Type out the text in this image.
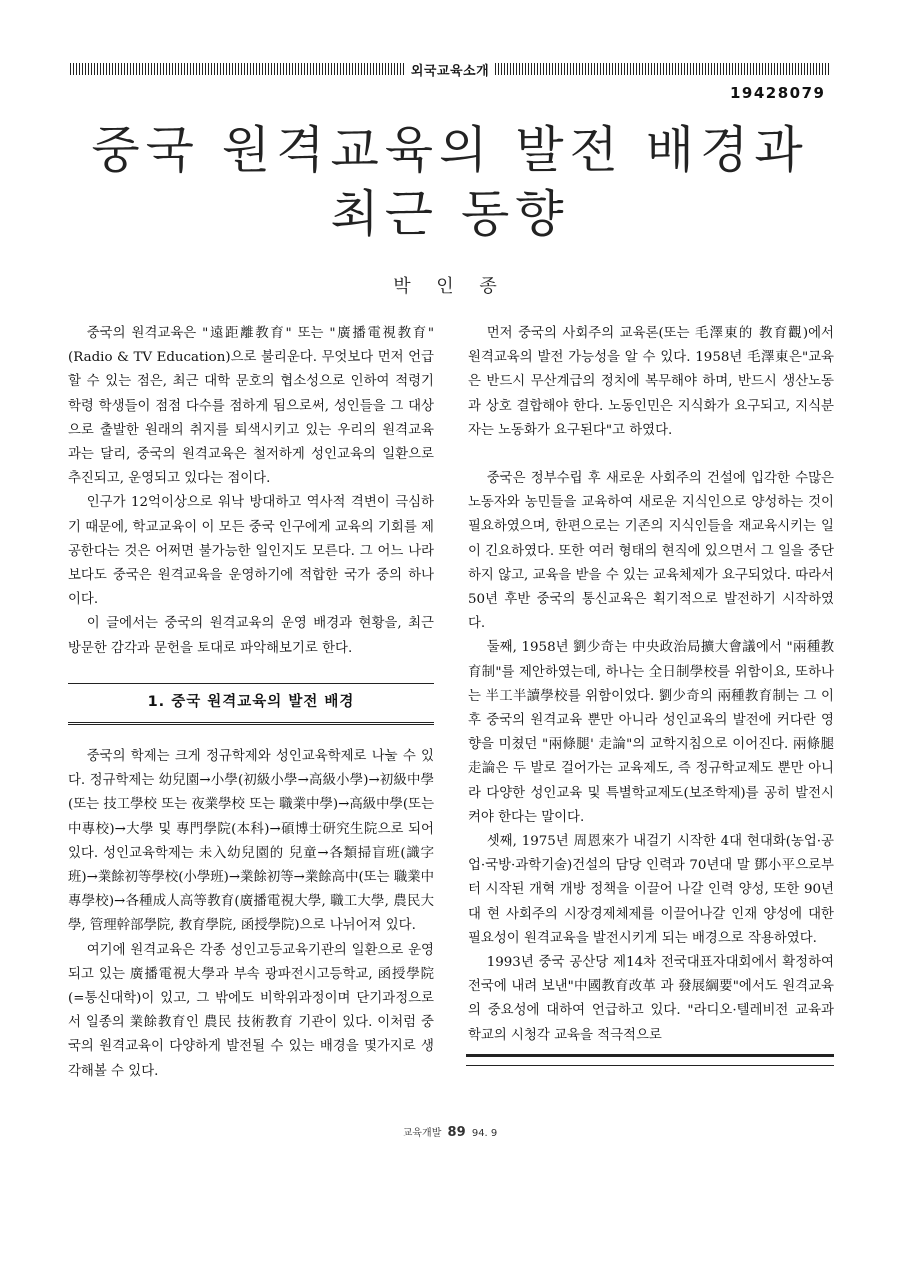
외국교육소개
19428079
중국 원격교육의 발전 배경과
최근 동향
박 인 종

중국의 원격교육은 "遠距離教育" 또는 "廣播電視教育"(Radio & TV Education)으로 불리운다. 무엇보다 먼저 언급할 수 있는 점은, 최근 대학 문호의 협소성으로 인하여 적령기 학령 학생들이 점점 다수를 점하게 됨으로써, 성인들을 그 대상으로 출발한 원래의 취지를 퇴색시키고 있는 우리의 원격교육과는 달리, 중국의 원격교육은 철저하게 성인교육의 일환으로 추진되고, 운영되고 있다는 점이다.

인구가 12억이상으로 워낙 방대하고 역사적 격변이 극심하기 때문에, 학교교육이 이 모든 중국 인구에게 교육의 기회를 제공한다는 것은 어쩌면 불가능한 일인지도 모른다. 그 어느 나라보다도 중국은 원격교육을 운영하기에 적합한 국가 중의 하나이다.

이 글에서는 중국의 원격교육의 운영 배경과 현황을, 최근 방문한 감각과 문헌을 토대로 파악해보기로 한다.

1. 중국 원격교육의 발전 배경

중국의 학제는 크게 정규학제와 성인교육학제로 나눌 수 있다. 정규학제는 幼兒園→小學(初級小學→高級小學)→初級中學(또는 技工學校 또는 夜業學校 또는 職業中學)→高級中學(또는 中專校)→大學 및 專門學院(本科)→碩博士研究生院으로 되어 있다. 성인교육학제는 未入幼兒園的 兒童→各類掃盲班(識字班)→業餘初等學校(小學班)→業餘初等→業餘高中(또는 職業中專學校)→各種成人高等教育(廣播電視大學, 職工大學, 農民大學, 管理幹部學院, 教育學院, 函授學院)으로 나뉘어져 있다.

여기에 원격교육은 각종 성인고등교육기관의 일환으로 운영되고 있는 廣播電視大學과 부속 광파전시고등학교, 函授學院(=통신대학)이 있고, 그 밖에도 비학위과정이며 단기과정으로서 일종의 業餘教育인 農民 技術教育 기관이 있다. 이처럼 중국의 원격교육이 다양하게 발전될 수 있는 배경을 몇가지로 생각해볼 수 있다.

먼저 중국의 사회주의 교육론(또는 毛澤東的 教育觀)에서 원격교육의 발전 가능성을 알 수 있다. 1958년 毛澤東은"교육은 반드시 무산계급의 정치에 복무해야 하며, 반드시 생산노동과 상호 결합해야 한다. 노동인민은 지식화가 요구되고, 지식분자는 노동화가 요구된다"고 하였다.

중국은 정부수립 후 새로운 사회주의 건설에 입각한 수많은 노동자와 농민들을 교육하여 새로운 지식인으로 양성하는 것이 필요하였으며, 한편으로는 기존의 지식인들을 재교육시키는 일이 긴요하였다. 또한 여러 형태의 현직에 있으면서 그 일을 중단하지 않고, 교육을 받을 수 있는 교육체제가 요구되었다. 따라서 50년 후반 중국의 통신교육은 획기적으로 발전하기 시작하였다.

둘째, 1958년 劉少奇는 中央政治局擴大會議에서 "兩種教育制"를 제안하였는데, 하나는 全日制學校를 위함이요, 또하나는 半工半讀學校를 위함이었다. 劉少奇의 兩種教育制는 그 이후 중국의 원격교육 뿐만 아니라 성인교육의 발전에 커다란 영향을 미쳤던 "兩條腿' 走論"의 교학지침으로 이어진다. 兩條腿走論은 두 발로 걸어가는 교육제도, 즉 정규학교제도 뿐만 아니라 다양한 성인교육 및 특별학교제도(보조학제)를 공히 발전시켜야 한다는 말이다.

셋째, 1975년 周恩來가 내걸기 시작한 4대 현대화(농업·공업·국방·과학기술)건설의 담당 인력과 70년대 말 鄧小平으로부터 시작된 개혁 개방 정책을 이끌어 나갈 인력 양성, 또한 90년대 현 사회주의 시장경제체제를 이끌어나갈 인재 양성에 대한 필요성이 원격교육을 발전시키게 되는 배경으로 작용하였다.

1993년 중국 공산당 제14차 전국대표자대회에서 확정하여 전국에 내려 보낸"中國教育改革 과 發展綱要"에서도 원격교육의 중요성에 대하여 언급하고 있다. "라디오·텔레비전 교육과 학교의 시청각 교육을 적극적으로

교육개발 89 94. 9
